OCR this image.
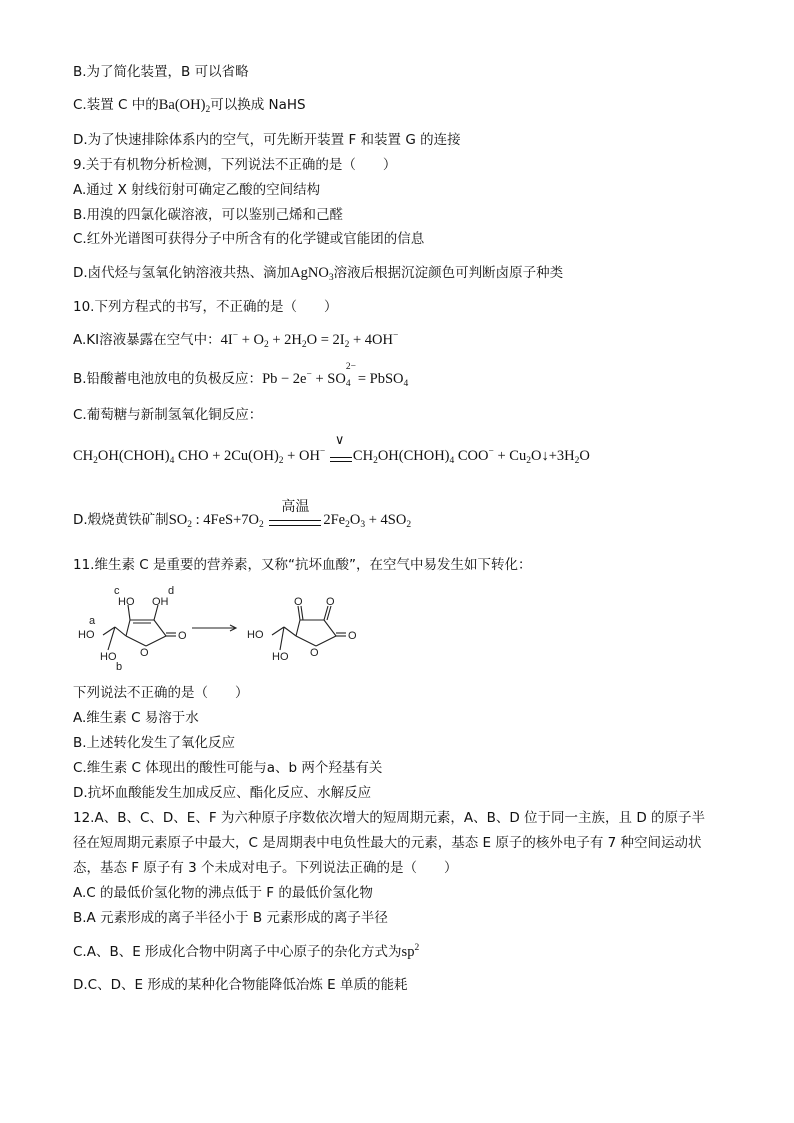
B.为了简化装置，B 可以省略
C.装置 C 中的$Ba(OH)_2$可以换成 NaHS
D.为了快速排除体系内的空气，可先断开装置 F 和装置 G 的连接
9.关于有机物分析检测，下列说法不正确的是（　　）
A.通过 X 射线衍射可确定乙酸的空间结构
B.用溴的四氯化碳溶液，可以鉴别己烯和己醛
C.红外光谱图可获得分子中所含有的化学键或官能团的信息
D.卤代烃与氢氧化钠溶液共热、滴加AgNO$_3$溶液后根据沉淀颜色可判断卤原子种类
10.下列方程式的书写，不正确的是（　　）
A.KI溶液暴露在空气中：$4I^- + O_2 + 2H_2O = 2I_2 + 4OH^-$
B.铅酸蓄电池放电的负极反应：Pb − 2e− + SO
$_{2- 4}$  = PbSO$_4$
C.葡萄糖与新制氢氧化铜反应：
$CH_2OH(CHOH)_4$ CHO + $2Cu(OH)_2 + OH^-$
∨
$CH_2OH(CHOH)_4$ $COO^- + Cu_2O↓+3H_2O$
D.煅烧黄铁矿制$SO_2$ : $4FeS+7O_2$
高温
$2Fe_2O_3 + 4SO_2$
11.维生素 C 是重要的营养素，又称“抗坏血酸”，在空气中易发生如下转化：
c	d
HO OH
a
HO
O
O
HO
b
O O
HO
O
O
HO
下列说法不正确的是（　　）
A.维生素 C 易溶于水
B.上述转化发生了氧化反应
C.维生素 C 体现出的酸性可能与a、b 两个羟基有关
D.抗坏血酸能发生加成反应、酯化反应、水解反应
12.A、B、C、D、E、F 为六种原子序数依次增大的短周期元素，A、B、D 位于同一主族，且 D 的原子半
径在短周期元素原子中最大，C 是周期表中电负性最大的元素，基态 E 原子的核外电子有 7 种空间运动状
态，基态 F 原子有 3 个未成对电子。下列说法正确的是（　　）
A.C 的最低价氢化物的沸点低于 F 的最低价氢化物
B.A 元素形成的离子半径小于 B 元素形成的离子半径
C.A、B、E 形成化合物中阴离子中心原子的杂化方式为$sp^2$
D.C、D、E 形成的某种化合物能降低冶炼 E 单质的能耗
